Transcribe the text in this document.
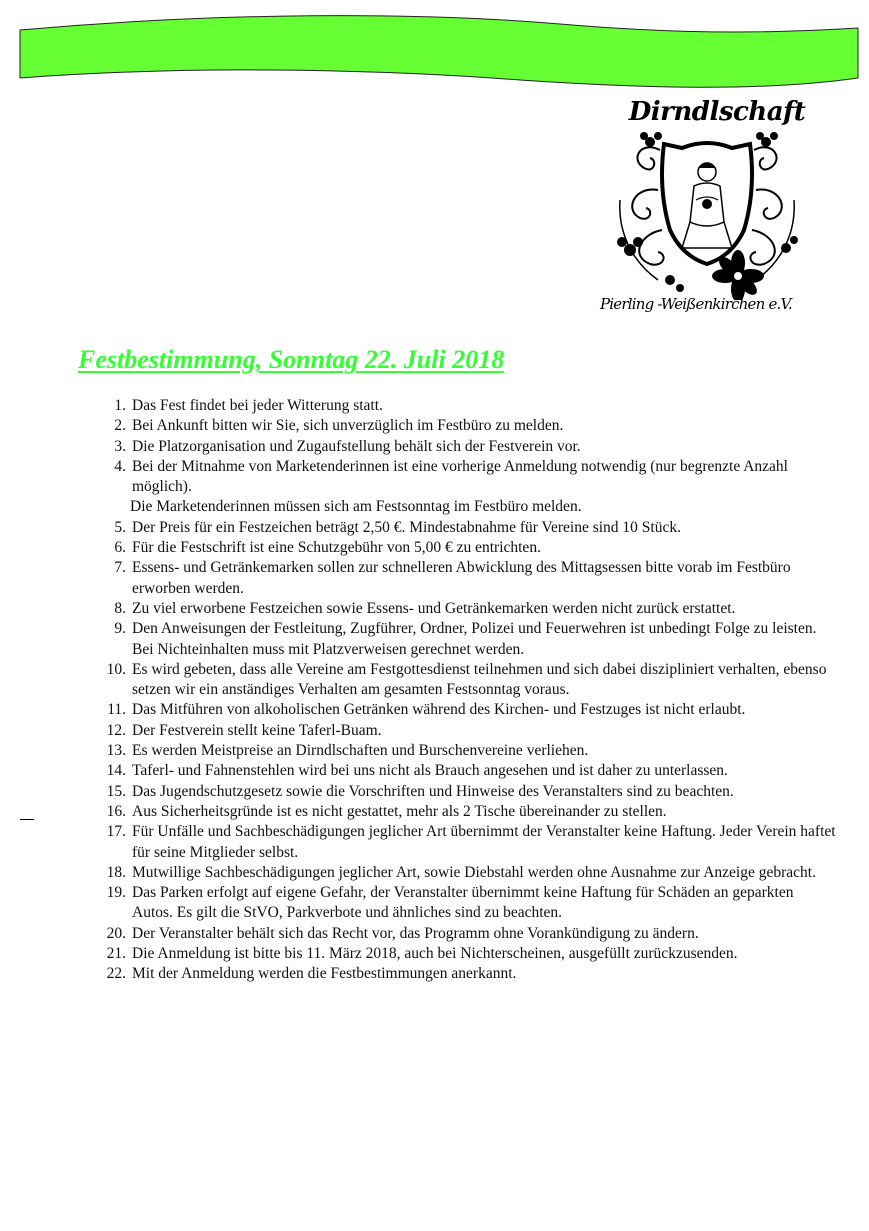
Dirndlschaft
Pierling -Weißenkirchen e.V.
Festbestimmung, Sonntag 22. Juli 2018
1. Das Fest findet bei jeder Witterung statt.
2. Bei Ankunft bitten wir Sie, sich unverzüglich im Festbüro zu melden.
3. Die Platzorganisation und Zugaufstellung behält sich der Festverein vor.
4. Bei der Mitnahme von Marketenderinnen ist eine vorherige Anmeldung notwendig (nur begrenzte Anzahl möglich).
Die Marketenderinnen müssen sich am Festsonntag im Festbüro melden.
5. Der Preis für ein Festzeichen beträgt 2,50 €. Mindestabnahme für Vereine sind 10 Stück.
6. Für die Festschrift ist eine Schutzgebühr von 5,00 € zu entrichten.
7. Essens- und Getränkemarken sollen zur schnelleren Abwicklung des Mittagsessen bitte vorab im Festbüro erworben werden.
8. Zu viel erworbene Festzeichen sowie Essens- und Getränkemarken werden nicht zurück erstattet.
9. Den Anweisungen der Festleitung, Zugführer, Ordner, Polizei und Feuerwehren ist unbedingt Folge zu leisten. Bei Nichteinhalten muss mit Platzverweisen gerechnet werden.
10. Es wird gebeten, dass alle Vereine am Festgottesdienst teilnehmen und sich dabei diszipliniert verhalten, ebenso setzen wir ein anständiges Verhalten am gesamten Festsonntag voraus.
11. Das Mitführen von alkoholischen Getränken während des Kirchen- und Festzuges ist nicht erlaubt.
12. Der Festverein stellt keine Taferl-Buam.
13. Es werden Meistpreise an Dirndlschaften und Burschenvereine verliehen.
14. Taferl- und Fahnenstehlen wird bei uns nicht als Brauch angesehen und ist daher zu unterlassen.
15. Das Jugendschutzgesetz sowie die Vorschriften und Hinweise des Veranstalters sind zu beachten.
16. Aus Sicherheitsgründe ist es nicht gestattet, mehr als 2 Tische übereinander zu stellen.
17. Für Unfälle und Sachbeschädigungen jeglicher Art übernimmt der Veranstalter keine Haftung. Jeder Verein haftet für seine Mitglieder selbst.
18. Mutwillige Sachbeschädigungen jeglicher Art, sowie Diebstahl werden ohne Ausnahme zur Anzeige gebracht.
19. Das Parken erfolgt auf eigene Gefahr, der Veranstalter übernimmt keine Haftung für Schäden an geparkten Autos. Es gilt die StVO, Parkverbote und ähnliches sind zu beachten.
20. Der Veranstalter behält sich das Recht vor, das Programm ohne Vorankündigung zu ändern.
21. Die Anmeldung ist bitte bis 11. März 2018, auch bei Nichterscheinen, ausgefüllt zurückzusenden.
22. Mit der Anmeldung werden die Festbestimmungen anerkannt.
